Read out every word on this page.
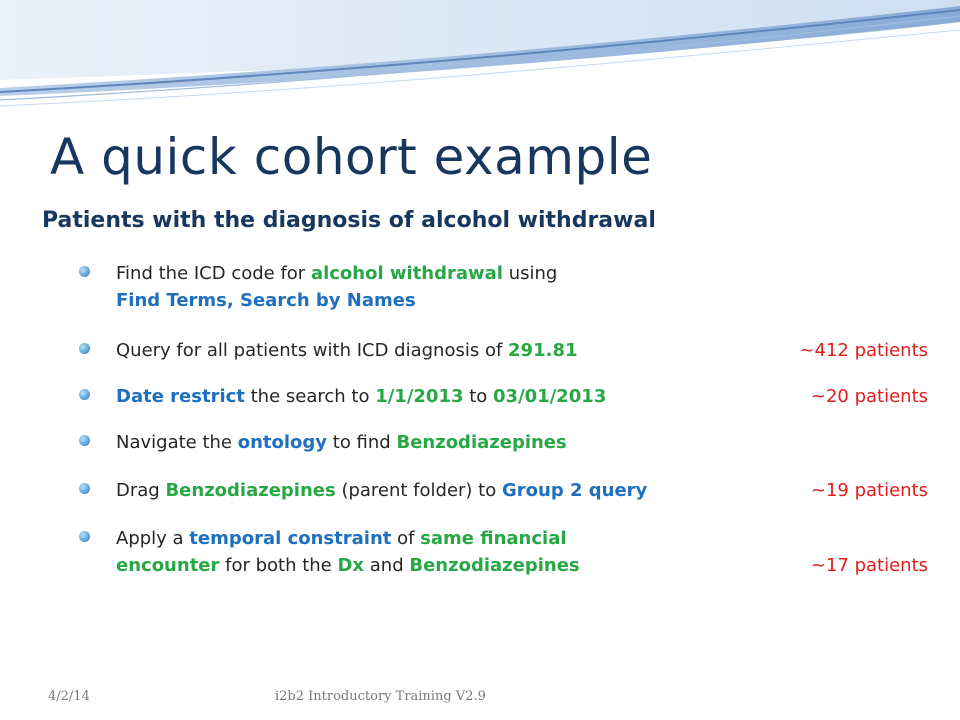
A quick cohort example
Patients with the diagnosis of alcohol withdrawal
Find the ICD code for alcohol withdrawal using
Find Terms, Search by Names
Query for all patients with ICD diagnosis of 291.81	~412 patients
Date restrict the search to 1/1/2013 to 03/01/2013	~20 patients
Navigate the ontology to find Benzodiazepines
Drag Benzodiazepines (parent folder) to Group 2 query	~19 patients
Apply a temporal constraint of same financial
encounter for both the Dx and Benzodiazepines	~17 patients
4/2/14	i2b2 Introductory Training V2.9
